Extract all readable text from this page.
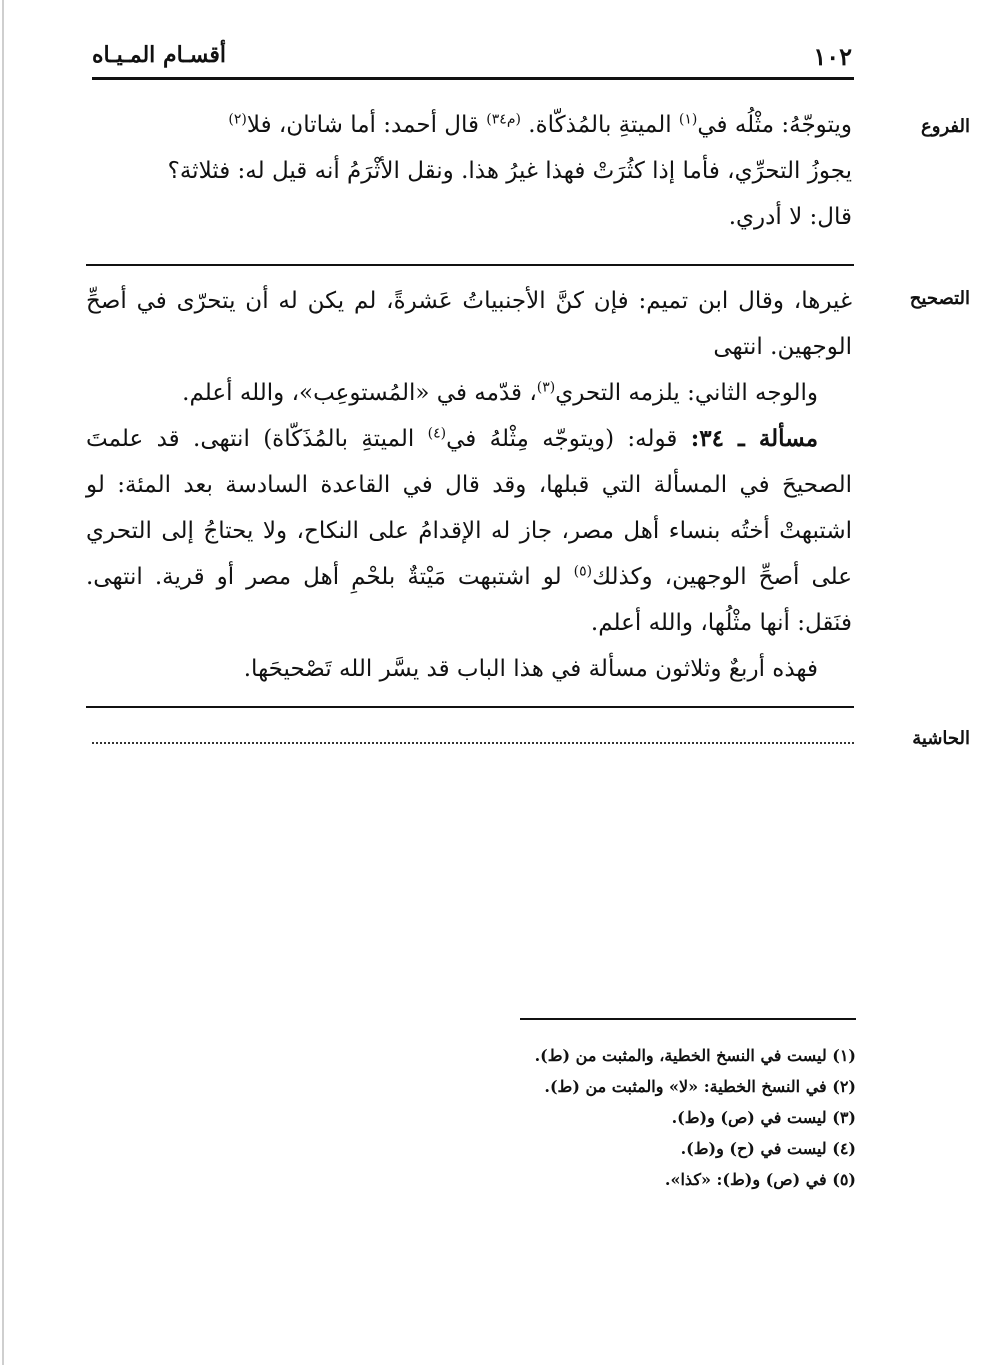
١٠٢
أقسـام المـيـاه
الفروع

ويتوجّهُ: مثْلُه في$^{(١)}$ الميتةِ بالمُذكّاة. $^{(م٣٤)}$ قال أحمد: أما شاتان، فلا$^{(٢)}$

يجوزُ التحرِّي، فأما إذا كثُرَتْ فهذا غيرُ هذا. ونقل الأثْرَمُ أنه قيل له: فثلاثة؟

قال: لا أدري.

التصحيح

غيرها، وقال ابن تميم: فإن كنَّ الأجنبياتُ عَشرةً، لم يكن له أن يتحرّى في أصحِّ الوجهين. انتهى

والوجه الثاني: يلزمه التحري$^{(٣)}$، قدّمه في «المُستوعِب»، والله أعلم.

مسألة ـ ٣٤: قوله: (ويتوجّه مِثْلهُ في$^{(٤)}$ الميتةِ بالمُذَكّاة) انتهى. قد علمتَ الصحيحَ في المسألة التي قبلها، وقد قال في القاعدة السادسة بعد المئة: لو اشتبهتْ أختُه بنساء أهل مصر، جاز له الإقدامُ على النكاح، ولا يحتاجُ إلى التحري على أصحِّ الوجهين، وكذلك$^{(٥)}$ لو اشتبهت مَيْتةٌ بلحْمِ أهل مصر أو قرية. انتهى. فنَقل: أنها مثْلُها، والله أعلم.

فهذه أربعٌ وثلاثون مسألة في هذا الباب قد يسَّر الله تَصْحيحَها.

الحاشية
(١) ليست في النسخ الخطية، والمثبت من (ط).
(٢) في النسخ الخطية: «لا» والمثبت من (ط).
(٣) ليست في (ص) و(ط).
(٤) ليست في (ح) و(ط).
(٥) في (ص) و(ط): «كذا».
